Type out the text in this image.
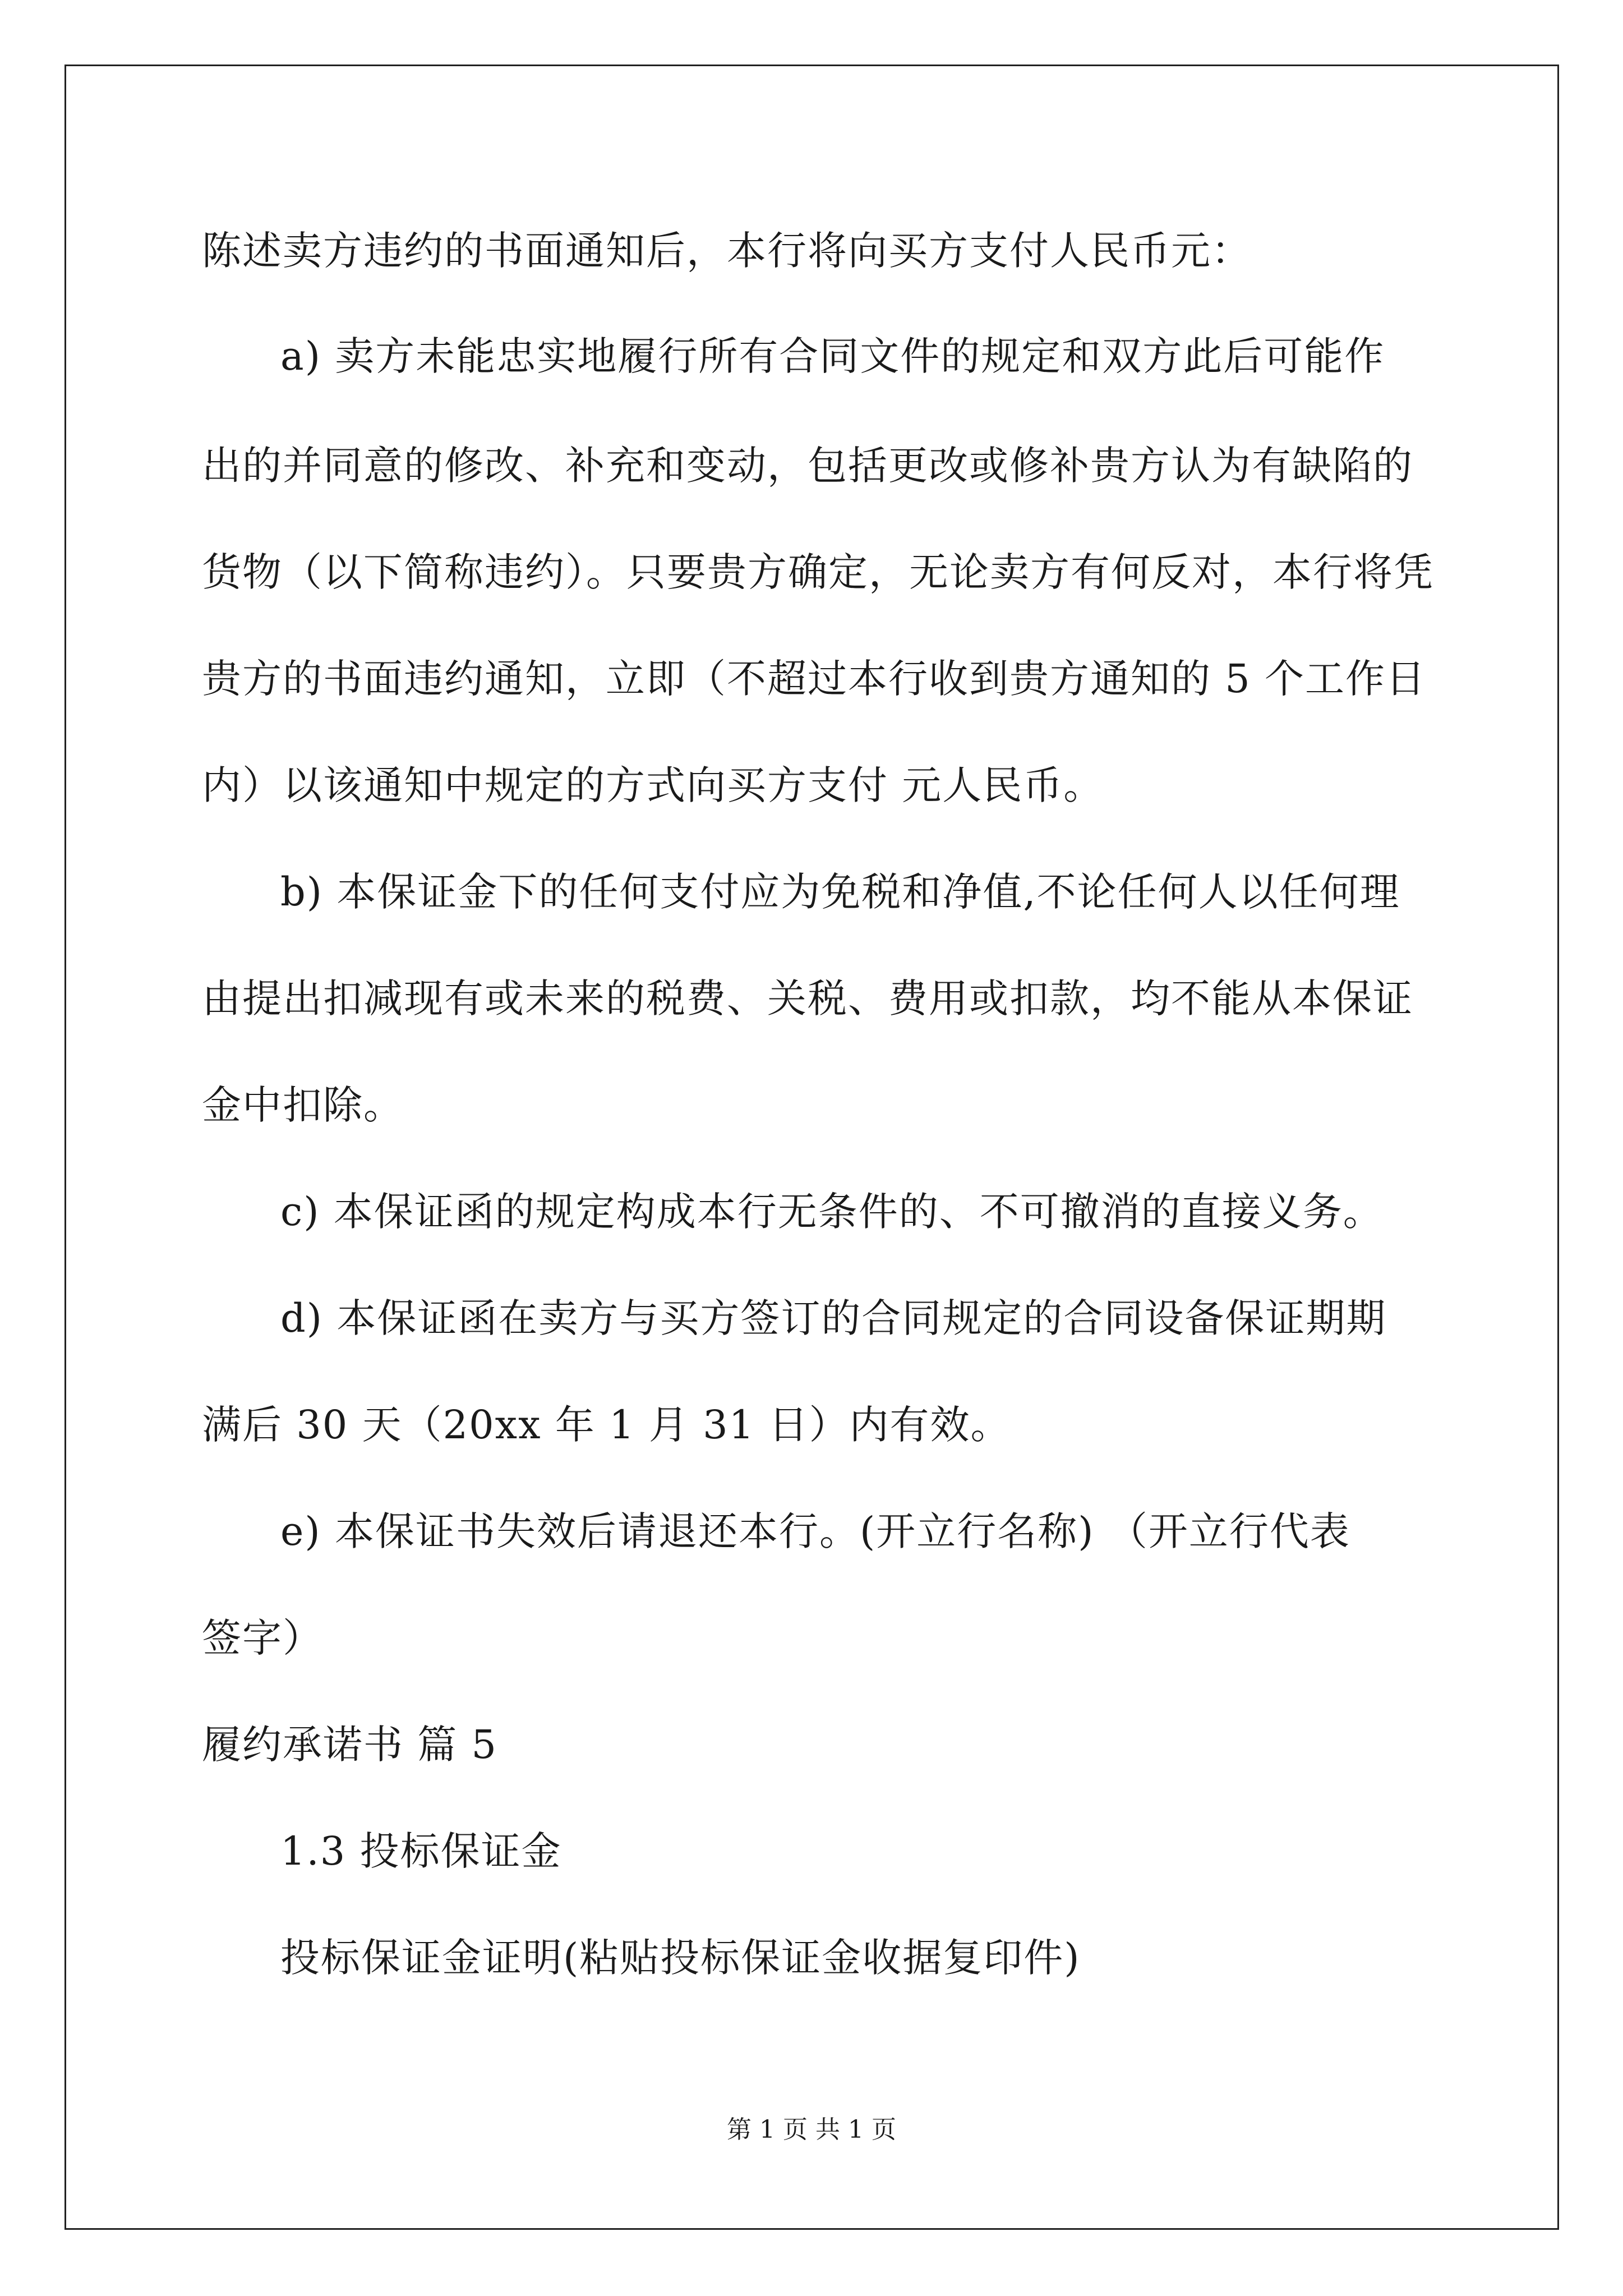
陈述卖方违约的书面通知后，本行将向买方支付人民币元：
a) 卖方未能忠实地履行所有合同文件的规定和双方此后可能作
出的并同意的修改、补充和变动，包括更改或修补贵方认为有缺陷的
货物（以下简称违约）。只要贵方确定，无论卖方有何反对，本行将凭
贵方的书面违约通知，立即（不超过本行收到贵方通知的 5 个工作日
内）以该通知中规定的方式向买方支付 元人民币。
b) 本保证金下的任何支付应为免税和净值,不论任何人以任何理
由提出扣减现有或未来的税费、关税、费用或扣款，均不能从本保证
金中扣除。
c) 本保证函的规定构成本行无条件的、不可撤消的直接义务。
d) 本保证函在卖方与买方签订的合同规定的合同设备保证期期
满后 30 天（20xx 年 1 月 31 日）内有效。
e) 本保证书失效后请退还本行。(开立行名称) （开立行代表
签字）
履约承诺书 篇 5
1.3 投标保证金
投标保证金证明(粘贴投标保证金收据复印件)
第 1 页 共 1 页
